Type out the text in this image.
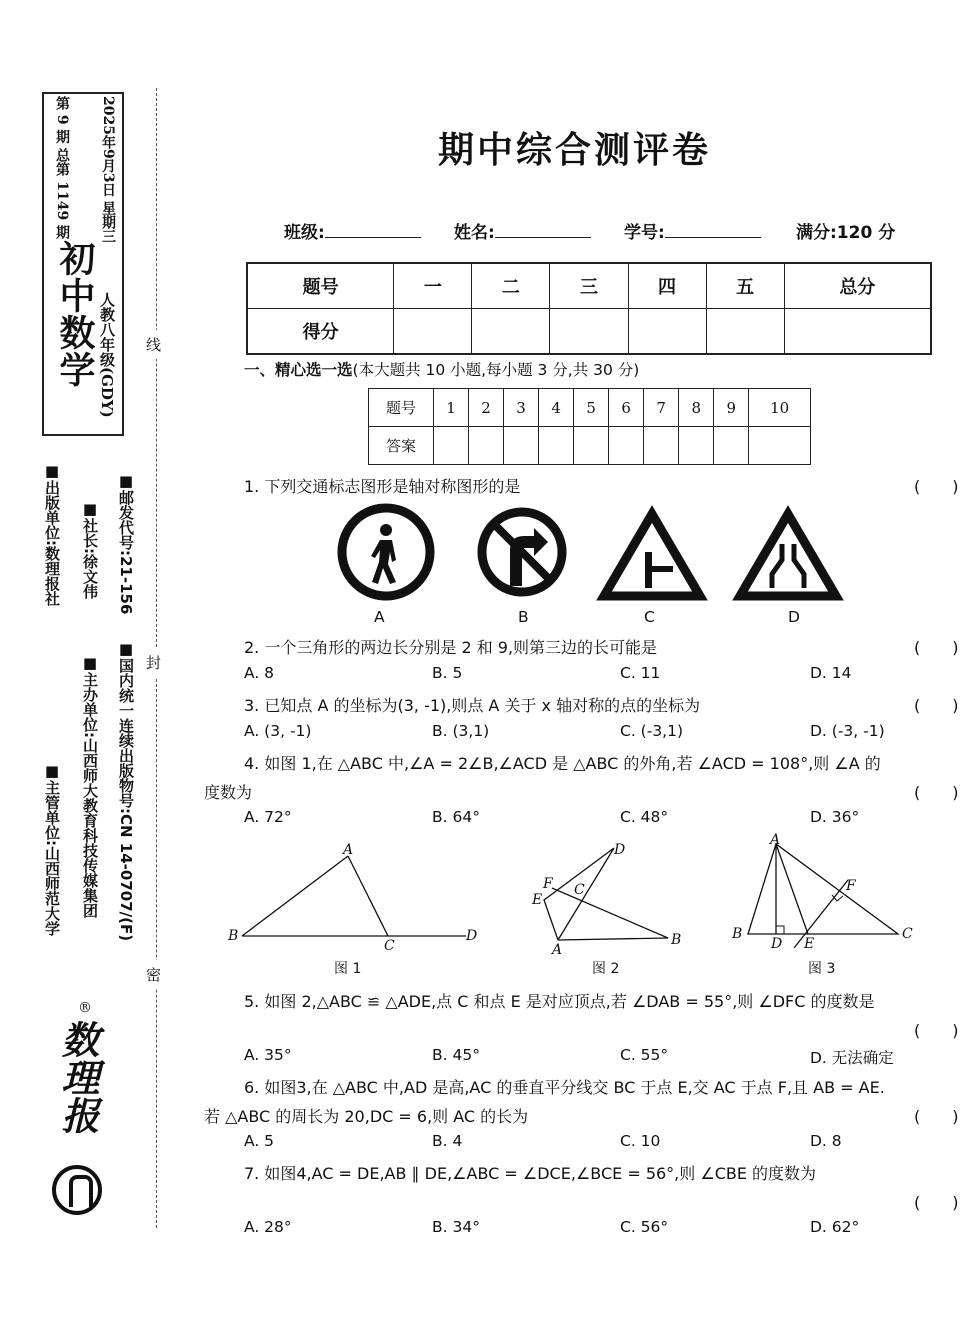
第 9 期 总第 1149 期 2025年9月3日 星期三
初中数学 人教八年级(GDY)
■出版单位:数理报社 ■社长:徐文伟
■邮发代号:21-156
■主管单位:山西师范大学
■主办单位:山西师大教育科技传媒集团
■国内统一连续出版物号:CN 14-0707/(F)
数理报
®
线
封
密
期中综合测评卷
班级:	姓名:	学号:	满分:120 分
题号	一	二	三	四	五	总分
得分						
一、精心选一选(本大题共 10 小题,每小题 3 分,共 30 分)
题号	1	2	3	4	5	6	7	8	9	10
答案										
1. 下列交通标志图形是轴对称图形的是	(　　)
A	B	C	D
2. 一个三角形的两边长分别是 2 和 9,则第三边的长可能是	(　　)
A. 8	B. 5	C. 11	D. 14
3. 已知点 A 的坐标为(3, -1),则点 A 关于 x 轴对称的点的坐标为	(　　)
A. (3, -1)	B. (3,1)	C. (-3,1)	D. (-3, -1)
4. 如图 1,在 △ABC 中,∠A = 2∠B,∠ACD 是 △ABC 的外角,若 ∠ACD = 108°,则 ∠A 的
度数为	(　　)
A. 72°	B. 64°	C. 48°	D. 36°
A
B
C
D
图 1
D
F C
E
A
B
图 2
A
F
B
D E
C
图 3
5. 如图 2,△ABC ≌ △ADE,点 C 和点 E 是对应顶点,若 ∠DAB = 55°,则 ∠DFC 的度数是
(　　)
A. 35°	B. 45°	C. 55°	D. 无法确定
6. 如图3,在 △ABC 中,AD 是高,AC 的垂直平分线交 BC 于点 E,交 AC 于点 F,且 AB = AE.
若 △ABC 的周长为 20,DC = 6,则 AC 的长为	(　　)
A. 5	B. 4	C. 10	D. 8
7. 如图4,AC = DE,AB ∥ DE,∠ABC = ∠DCE,∠BCE = 56°,则 ∠CBE 的度数为
(　　)
A. 28°	B. 34°	C. 56°	D. 62°
